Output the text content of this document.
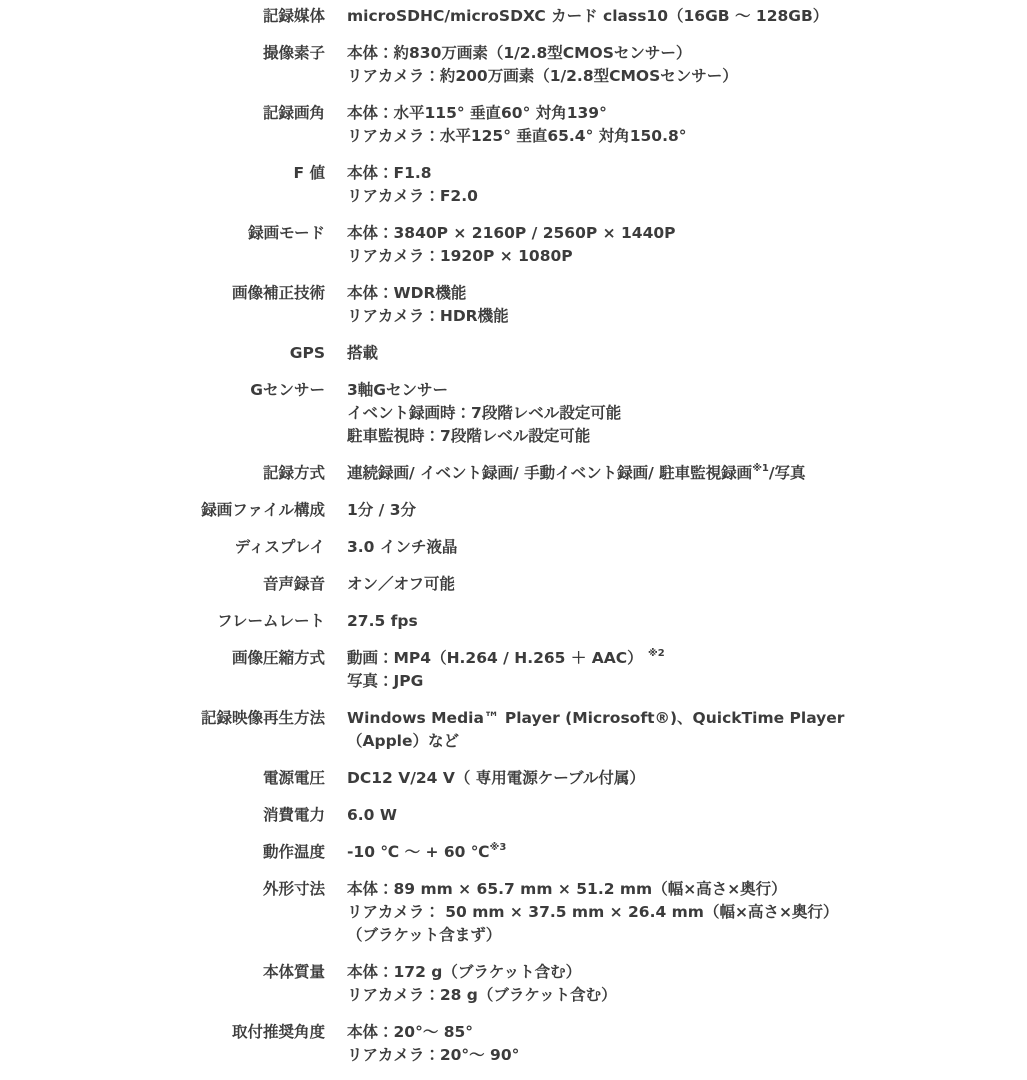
記録媒体 microSDHC/microSDXC カード class10（16GB ～ 128GB）
撮像素子 本体：約830万画素（1/2.8型CMOSセンサー）
リアカメラ：約200万画素（1/2.8型CMOSセンサー）
記録画角 本体：水平115° 垂直60° 対角139°
リアカメラ：水平125° 垂直65.4° 対角150.8°
F 値 本体：F1.8
リアカメラ：F2.0
録画モード 本体：3840P × 2160P / 2560P × 1440P
リアカメラ：1920P × 1080P
画像補正技術 本体：WDR機能
リアカメラ：HDR機能
GPS 搭載
Gセンサー 3軸Gセンサー
イベント録画時：7段階レベル設定可能
駐車監視時：7段階レベル設定可能
記録方式 連続録画/ イベント録画/ 手動イベント録画/ 駐車監視録画$^{※1}$/写真
録画ファイル構成 1分 / 3分
ディスプレイ 3.0 インチ液晶
音声録音 オン／オフ可能
フレームレート 27.5 fps
画像圧縮方式 動画：MP4（H.264 / H.265 ＋ AAC） $^{※2}$
写真：JPG
記録映像再生方法 Windows Media™ Player (Microsoft®)、QuickTime Player
（Apple）など
電源電圧 DC12 V/24 V（ 専用電源ケーブル付属）
消費電力 6.0 W
動作温度 -10 ℃ ～ + 60 ℃$^{※3}$
外形寸法 本体：89 mm × 65.7 mm × 51.2 mm（幅×高さ×奥行）
リアカメラ： 50 mm × 37.5 mm × 26.4 mm（幅×高さ×奥行）
（ブラケット含まず）
本体質量 本体：172 g（ブラケット含む）
リアカメラ：28 g（ブラケット含む）
取付推奨角度 本体：20°～ 85°
リアカメラ：20°～ 90°
